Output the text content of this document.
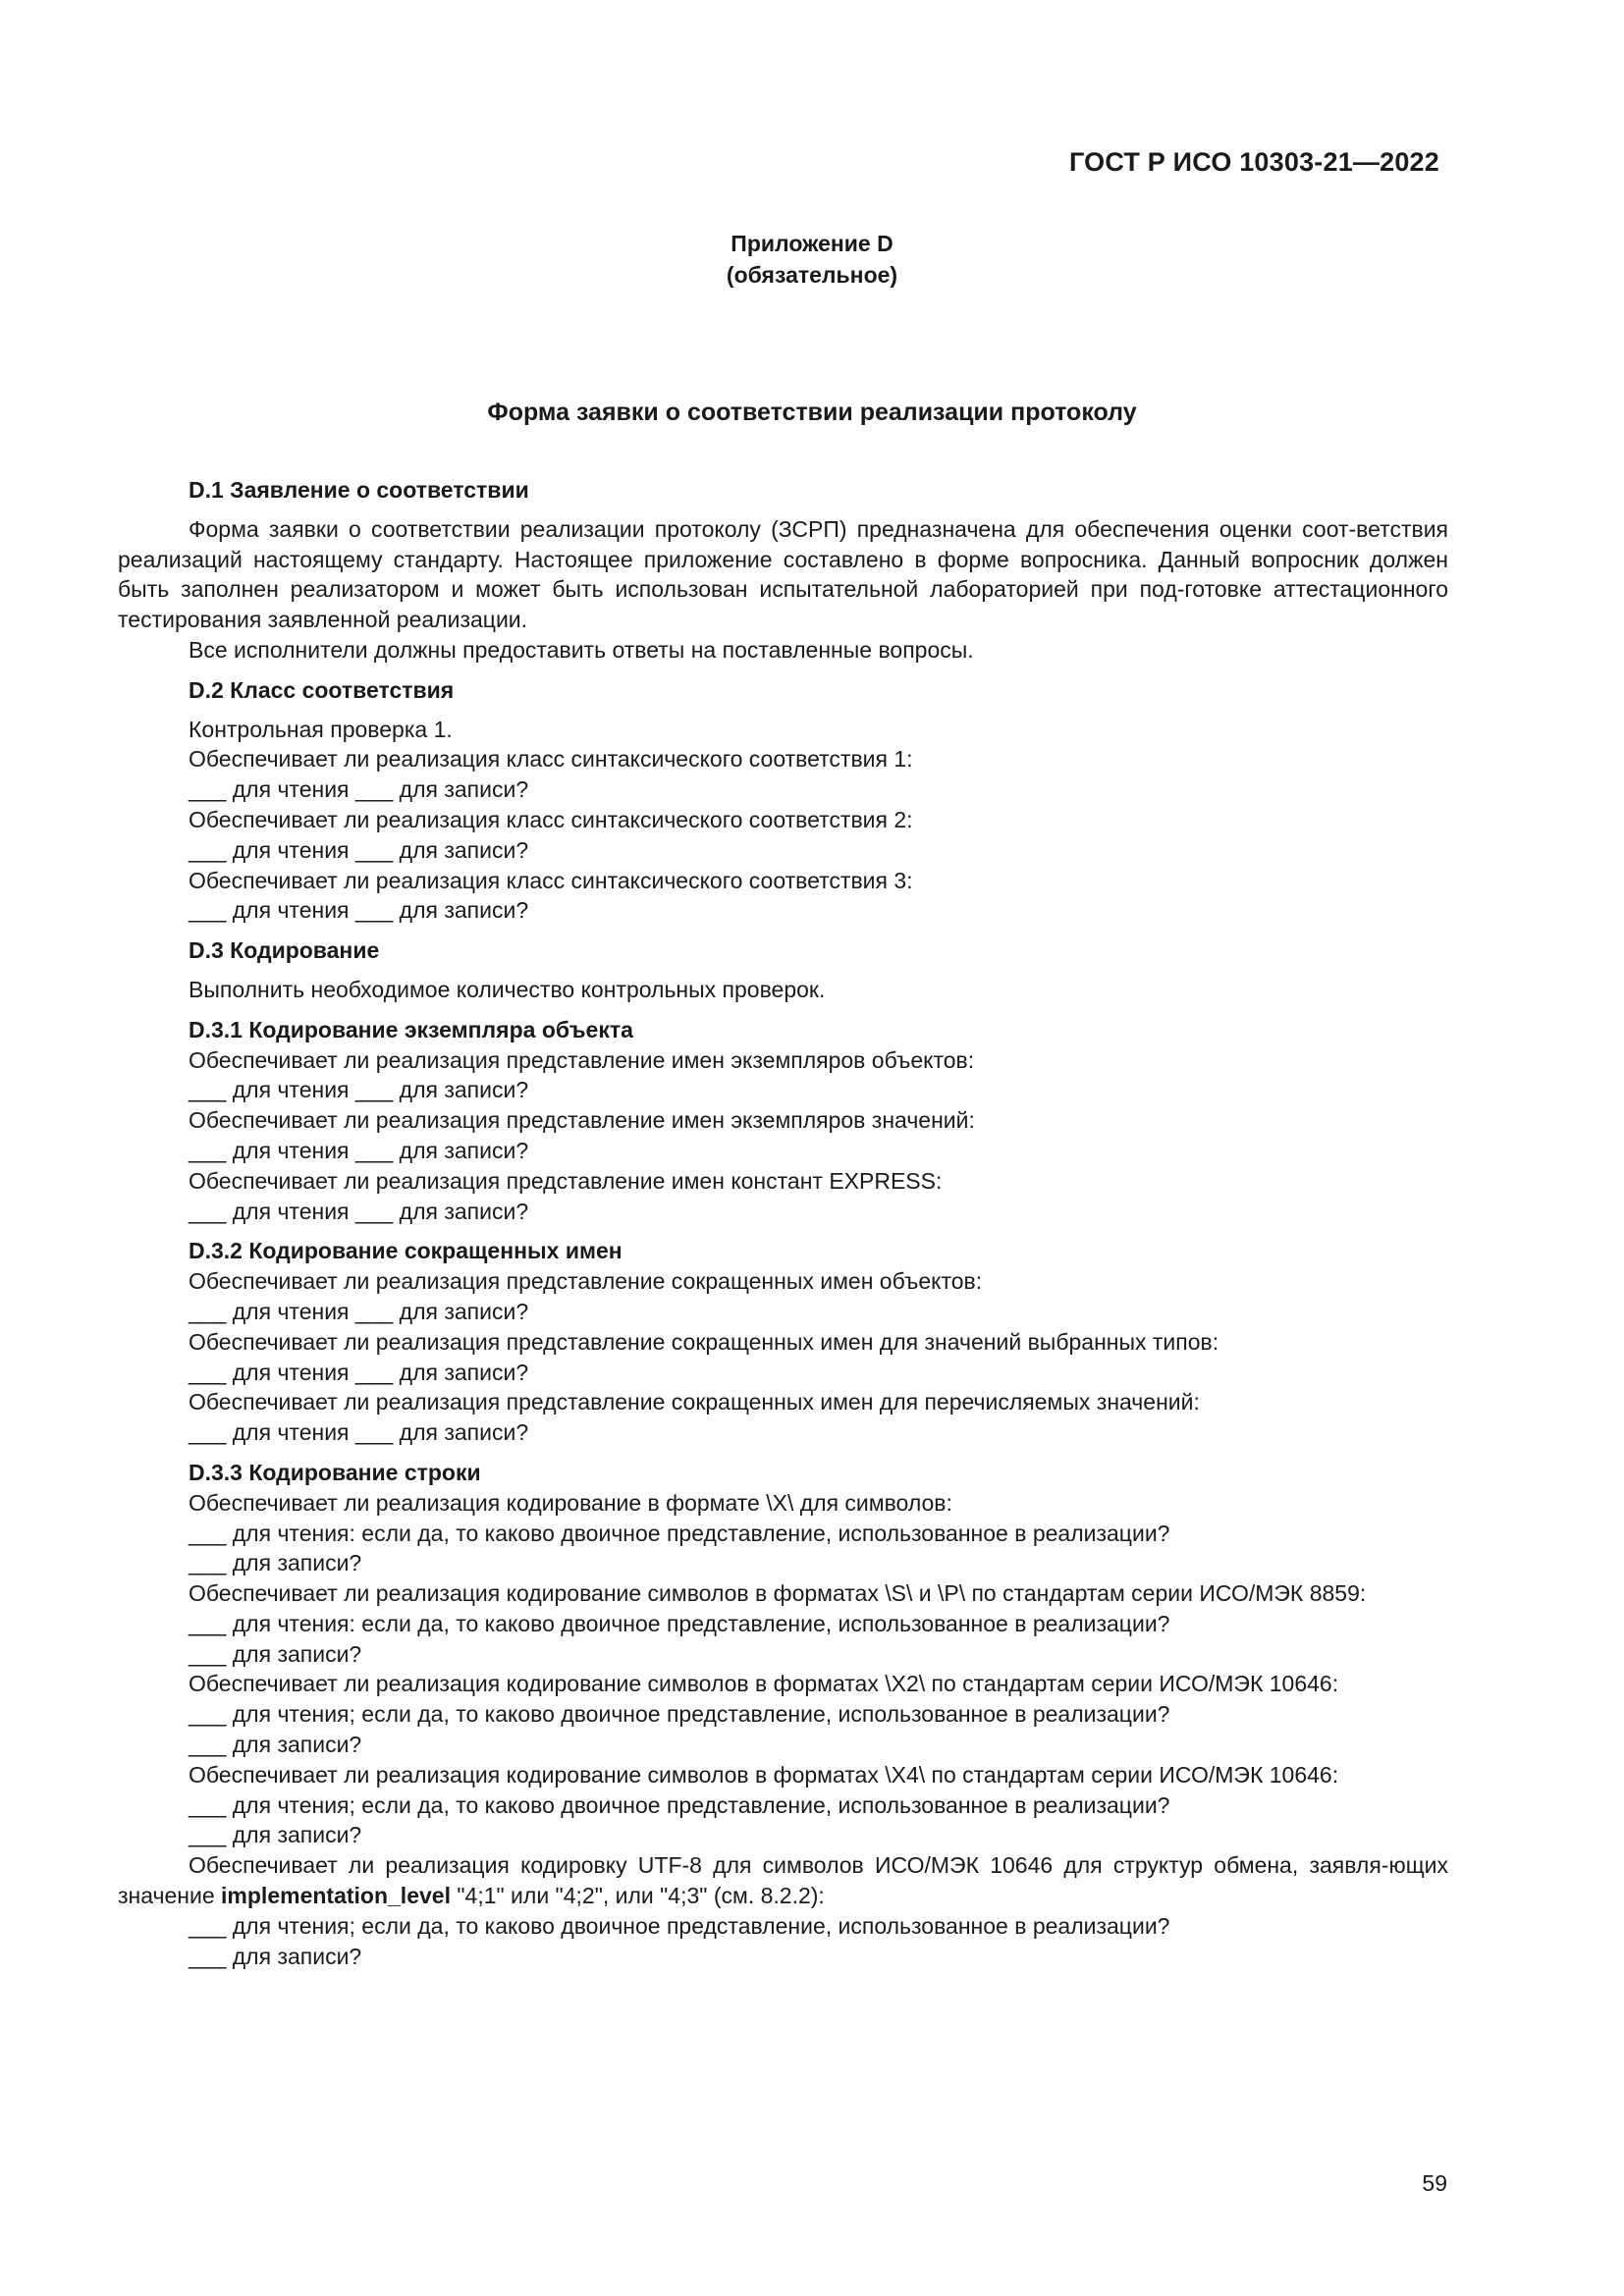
ГОСТ Р ИСО 10303-21—2022
Приложение D
(обязательное)
Форма заявки о соответствии реализации протоколу

D.1 Заявление о соответствии

Форма заявки о соответствии реализации протоколу (ЗСРП) предназначена для обеспечения оценки соот-ветствия реализаций настоящему стандарту. Настоящее приложение составлено в форме вопросника. Данный вопросник должен быть заполнен реализатором и может быть использован испытательной лабораторией при под-готовке аттестационного тестирования заявленной реализации.

Все исполнители должны предоставить ответы на поставленные вопросы.

D.2 Класс соответствия

Контрольная проверка 1.

Обеспечивает ли реализация класс синтаксического соответствия 1:

___ для чтения ___ для записи?

Обеспечивает ли реализация класс синтаксического соответствия 2:

___ для чтения ___ для записи?

Обеспечивает ли реализация класс синтаксического соответствия 3:

___ для чтения ___ для записи?

D.3 Кодирование

Выполнить необходимое количество контрольных проверок.

D.3.1 Кодирование экземпляра объекта

Обеспечивает ли реализация представление имен экземпляров объектов:

___ для чтения ___ для записи?

Обеспечивает ли реализация представление имен экземпляров значений:

___ для чтения ___ для записи?

Обеспечивает ли реализация представление имен констант EXPRESS:

___ для чтения ___ для записи?

D.3.2 Кодирование сокращенных имен

Обеспечивает ли реализация представление сокращенных имен объектов:

___ для чтения ___ для записи?

Обеспечивает ли реализация представление сокращенных имен для значений выбранных типов:

___ для чтения ___ для записи?

Обеспечивает ли реализация представление сокращенных имен для перечисляемых значений:

___ для чтения ___ для записи?

D.3.3 Кодирование строки

Обеспечивает ли реализация кодирование в формате \X\ для символов:

___ для чтения: если да, то каково двоичное представление, использованное в реализации?

___ для записи?

Обеспечивает ли реализация кодирование символов в форматах \S\ и \P\ по стандартам серии ИСО/МЭК 8859:

___ для чтения: если да, то каково двоичное представление, использованное в реализации?

___ для записи?

Обеспечивает ли реализация кодирование символов в форматах \X2\ по стандартам серии ИСО/МЭК 10646:

___ для чтения; если да, то каково двоичное представление, использованное в реализации?

___ для записи?

Обеспечивает ли реализация кодирование символов в форматах \X4\ по стандартам серии ИСО/МЭК 10646:

___ для чтения; если да, то каково двоичное представление, использованное в реализации?

___ для записи?

Обеспечивает ли реализация кодировку UTF-8 для символов ИСО/МЭК 10646 для структур обмена, заявля-ющих значение implementation_level "4;1" или "4;2", или "4;3" (см. 8.2.2):

___ для чтения; если да, то каково двоичное представление, использованное в реализации?

___ для записи?

59
